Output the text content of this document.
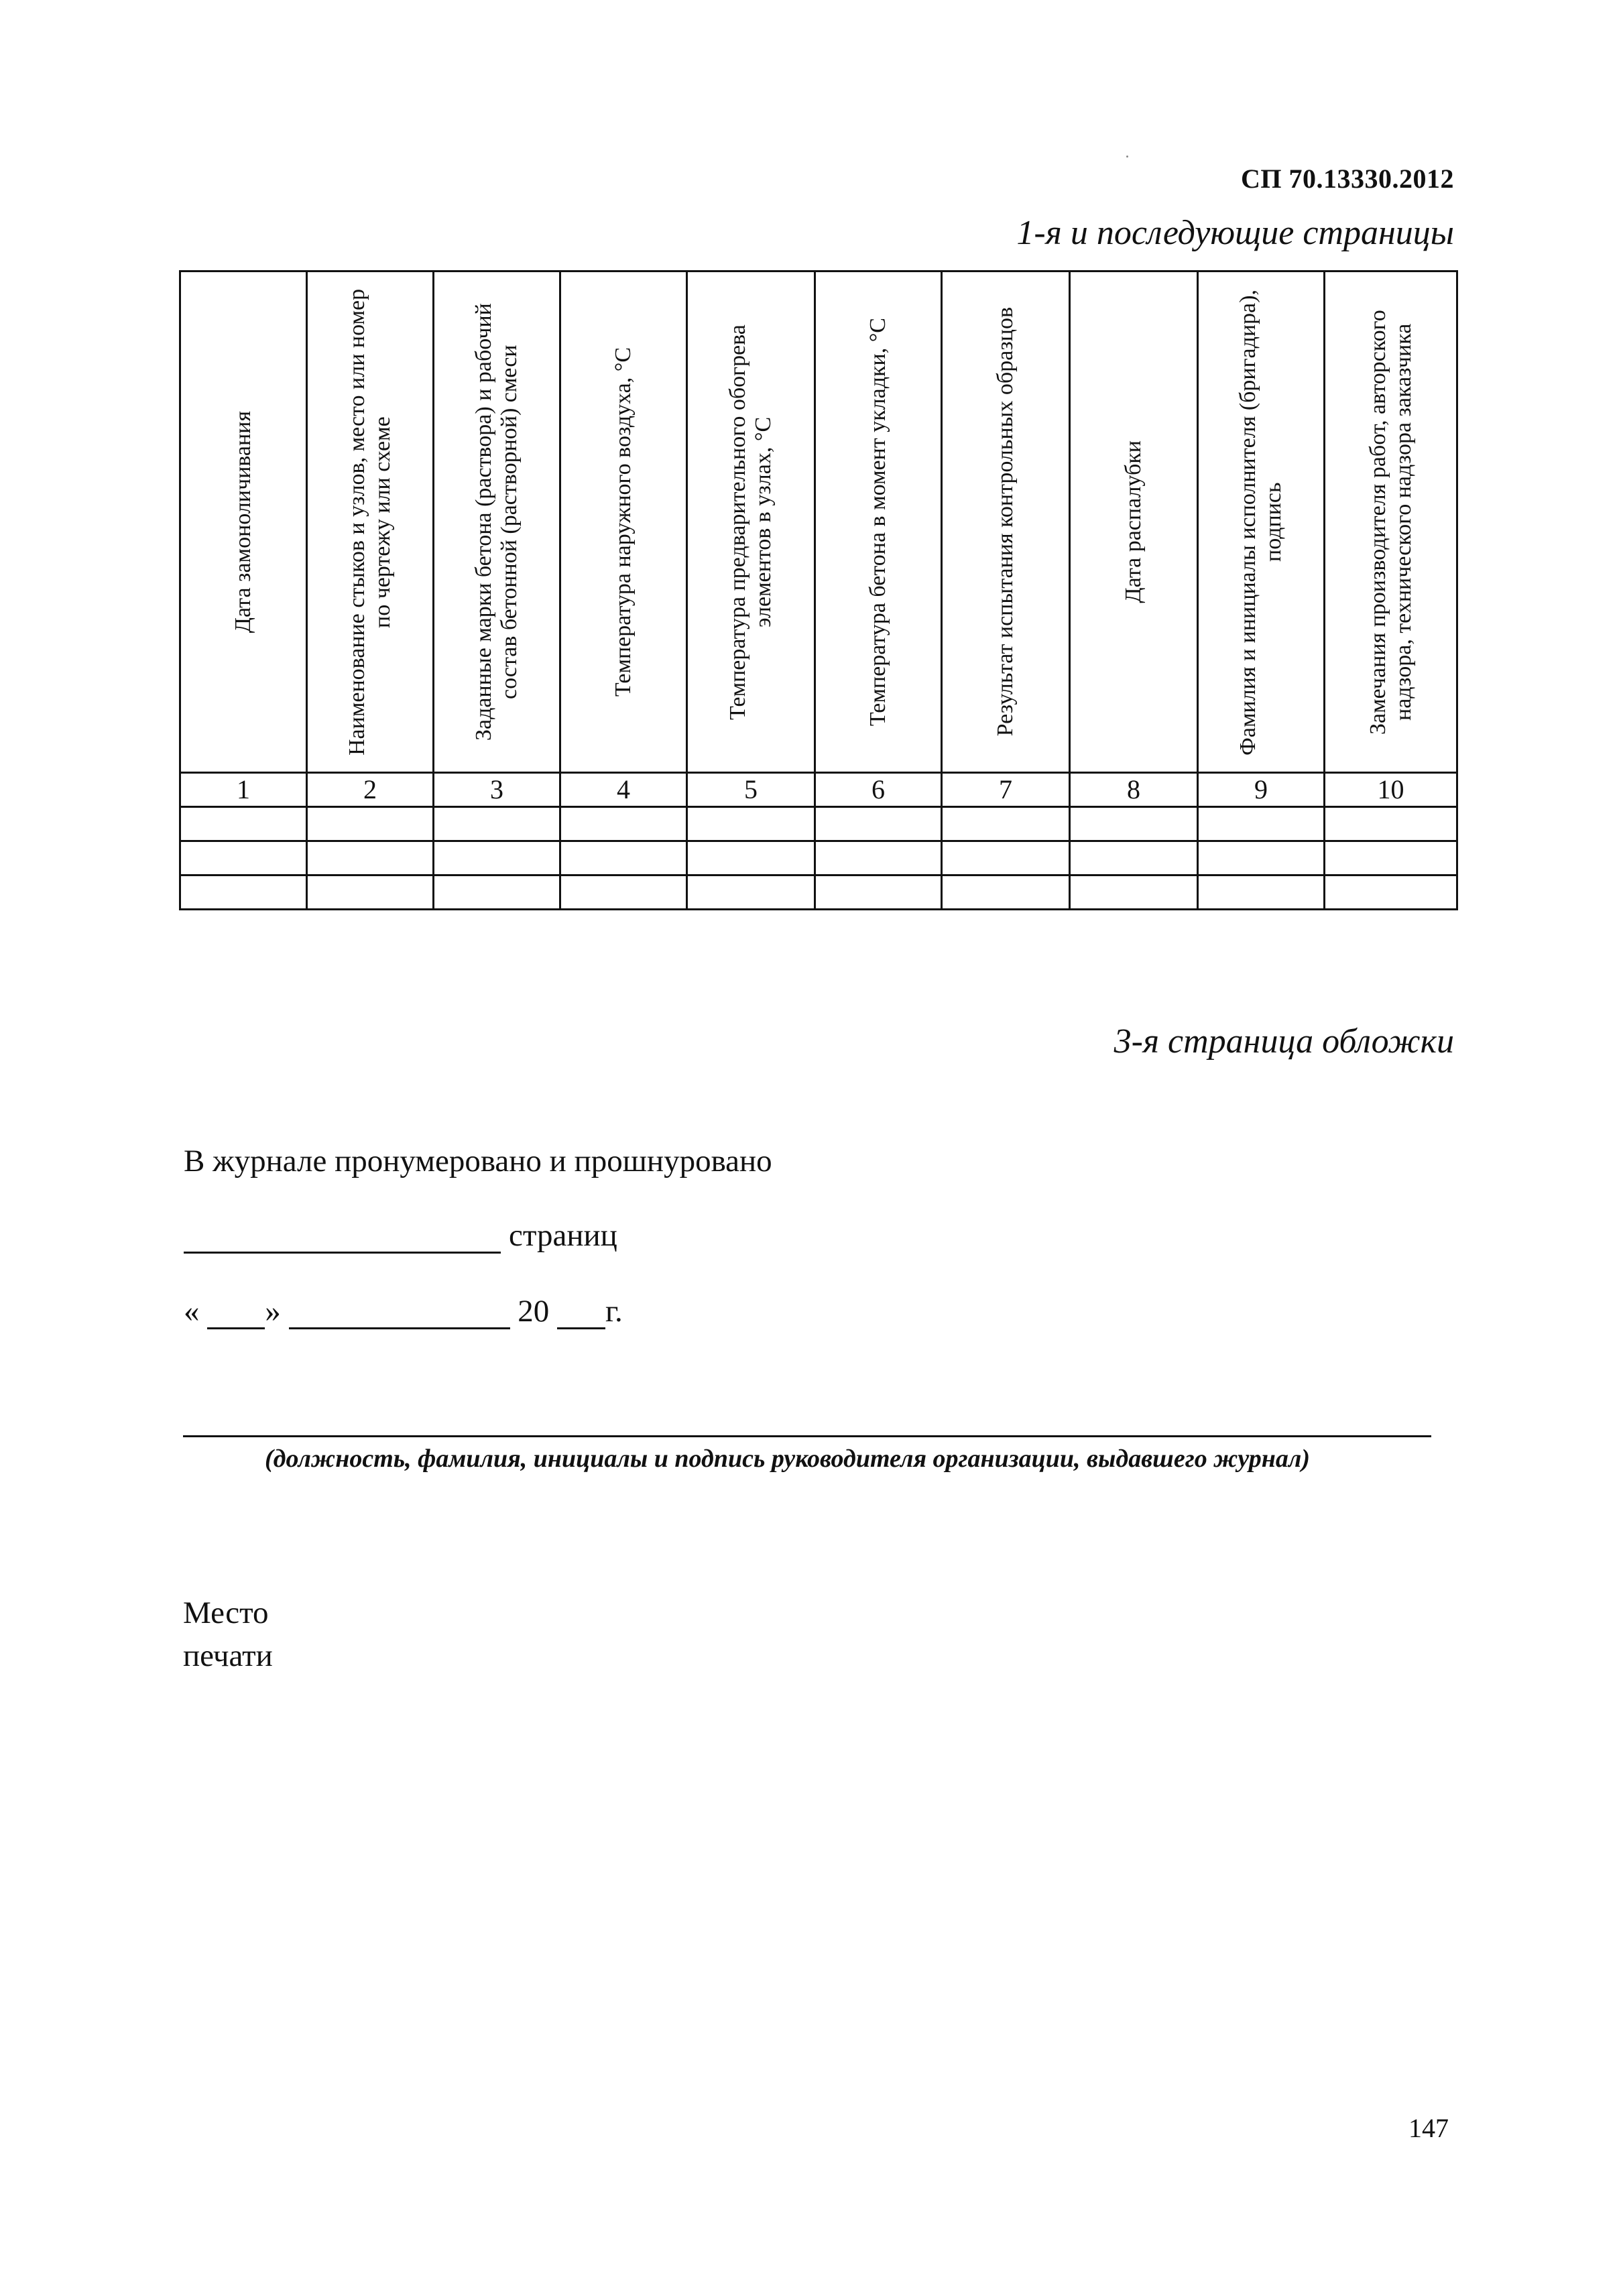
СП 70.13330.2012
1-я и последующие страницы
Дата замоноличивания	Наименование стыков и узлов, место или номер по чертежу или схеме	Заданные марки бетона (раствора) и рабочий состав бетонной (растворной) смеси	Температура наружного воздуха, °С	Температура предварительного обогрева элементов в узлах, °С	Температура бетона в момент укладки, °С	Результат испытания контрольных образцов	Дата распалубки	Фамилия и инициалы исполнителя (бригадира), подпись	Замечания производителя работ, авторского надзора, технического надзора заказчика

1	2	3	4	5	6	7	8	9	10

3-я страница обложки
В журнале пронумеровано и прошнуровано
страниц
«
»

	20
г.
(должность, фамилия, инициалы и подпись руководителя организации, выдавшего журнал)
Место
печати
147
